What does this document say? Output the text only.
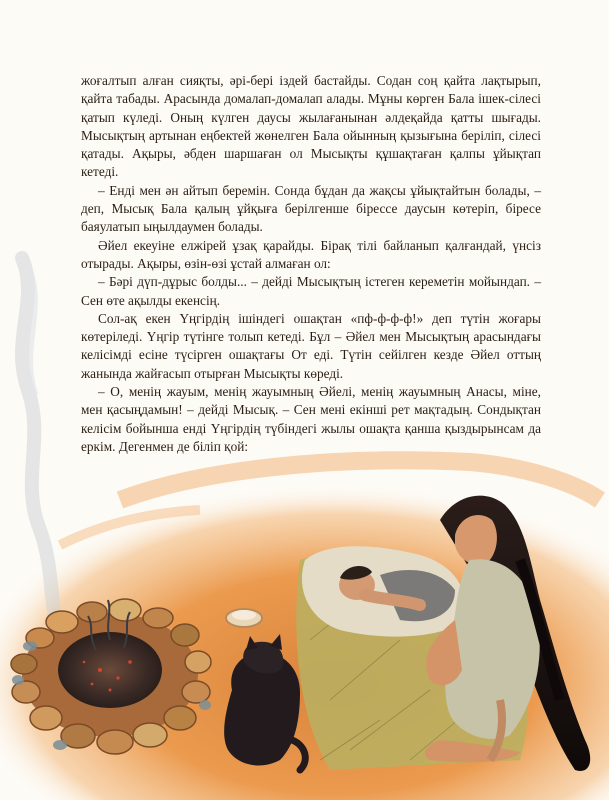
жоғалтып алған сияқты, әрі-бері іздей бастайды. Содан соң қайта лақтырып, қайта табады. Арасында домалап-домалап алады. Мұны көрген Бала ішек-сілесі қатып күледі. Оның күлген даусы жылағанынан әлдеқайда қатты шығады. Мысықтың артынан еңбектей жөнелген Бала ойынның қызығына беріліп, сілесі қатады. Ақыры, әбден шаршаған ол Мысықты құшақтаған қалпы ұйықтап кетеді.

– Енді мен ән айтып беремін. Сонда бұдан да жақсы ұйықтайтын болады, – деп, Мысық Бала қалың ұйқыға берілгенше бірессе даусын көтеріп, біресе баяулатып ыңылдаумен болады.

Әйел екеуіне елжірей ұзақ қарайды. Бірақ тілі байланып қалғандай, үнсіз отырады. Ақыры, өзін-өзі ұстай алмаған ол:

– Бәрі дүп-дұрыс болды... – дейді Мысықтың істеген кереметін мойындап. – Сен өте ақылды екенсің.

Сол-ақ екен Үңгірдің ішіндегі ошақтан «пф-ф-ф-ф!» деп түтін жоғары көтеріледі. Үңгір түтінге толып кетеді. Бұл – Әйел мен Мысықтың арасындағы келісімді есіне түсірген ошақтағы От еді. Түтін сейілген кезде Әйел оттың жанында жайғасып отырған Мысықты көреді.

– О, менің жауым, менің жауымның Әйелі, менің жауымның Анасы, міне, мен қасыңдамын! – дейді Мысық. – Сен мені екінші рет мақтадың. Сондықтан келісім бойынша енді Үңгірдің түбіндегі жылы ошақта қанша қыздырынсам да еркім. Дегенмен де біліп қой:
